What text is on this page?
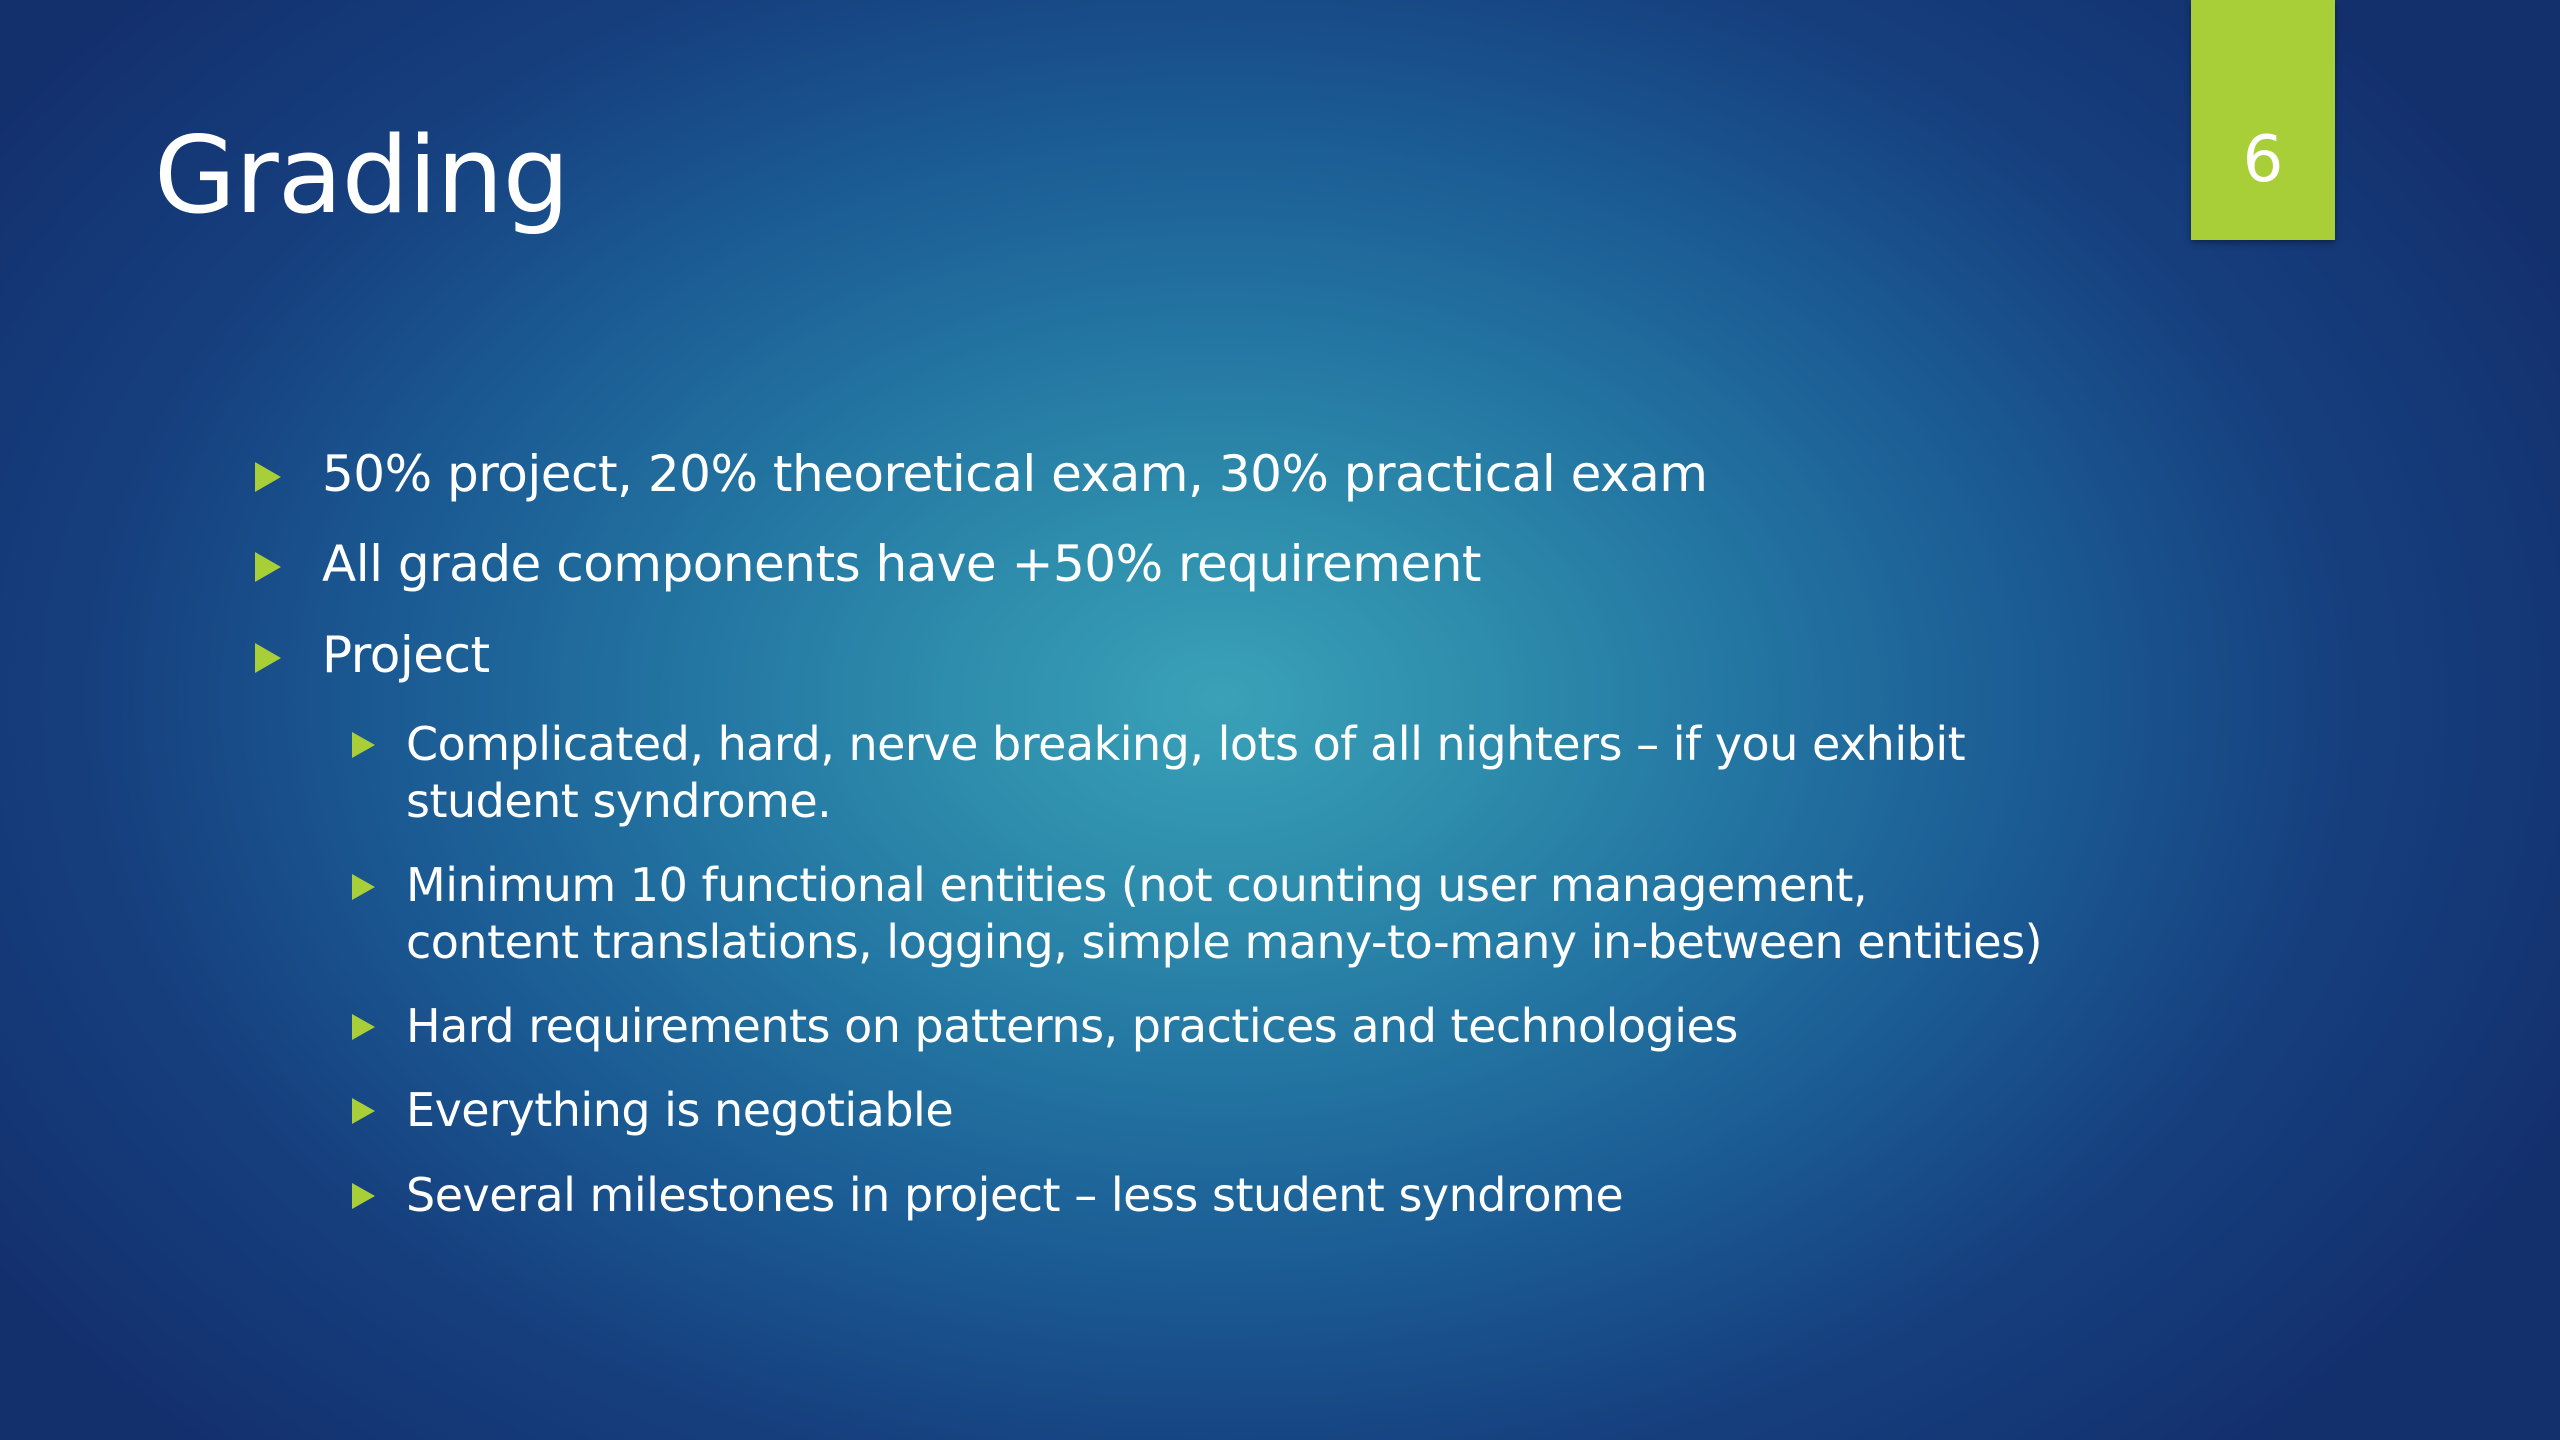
Grading	6
50% project, 20% theoretical exam, 30% practical exam
All grade components have +50% requirement
Project
Complicated, hard, nerve breaking, lots of all nighters – if you exhibit
student syndrome.
Minimum 10 functional entities (not counting user management,
content translations, logging, simple many-to-many in-between entities)
Hard requirements on patterns, practices and technologies
Everything is negotiable
Several milestones in project – less student syndrome
